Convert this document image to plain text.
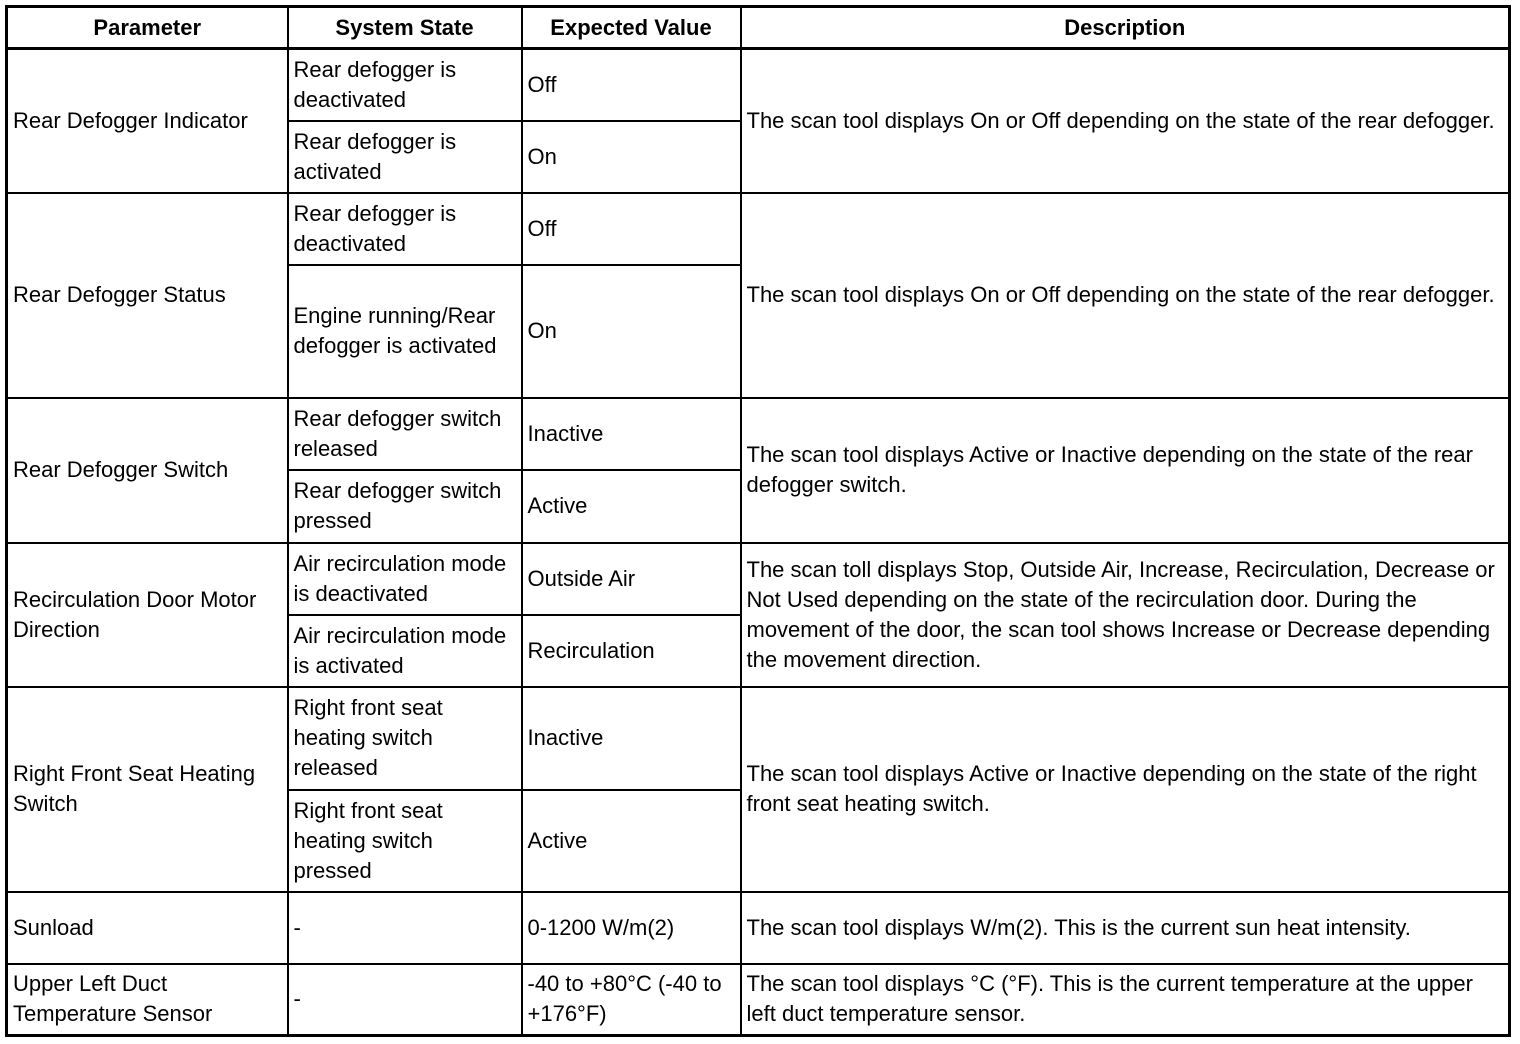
Parameter	System State	Expected Value	Description
Rear Defogger Indicator	Rear defogger is deactivated	Off	The scan tool displays On or Off depending on the state of the rear defogger.
	Rear defogger is activated	On	
Rear Defogger Status	Rear defogger is deactivated	Off	The scan tool displays On or Off depending on the state of the rear defogger.
	Engine running/Rear defogger is activated	On	
Rear Defogger Switch	Rear defogger switch released	Inactive	The scan tool displays Active or Inactive depending on the state of the rear defogger switch.
	Rear defogger switch pressed	Active	
Recirculation Door Motor Direction	Air recirculation mode is deactivated	Outside Air	The scan toll displays Stop, Outside Air, Increase, Recirculation, Decrease or Not Used depending on the state of the recirculation door. During the movement of the door, the scan tool shows Increase or Decrease depending the movement direction.
	Air recirculation mode is activated	Recirculation	
Right Front Seat Heating Switch	Right front seat heating switch released	Inactive	The scan tool displays Active or Inactive depending on the state of the right front seat heating switch.
	Right front seat heating switch pressed	Active	
Sunload	-	0-1200 W/m(2)	The scan tool displays W/m(2). This is the current sun heat intensity.
Upper Left Duct Temperature Sensor	-	-40 to +80°C (-40 to +176°F)	The scan tool displays °C (°F). This is the current temperature at the upper left duct temperature sensor.
